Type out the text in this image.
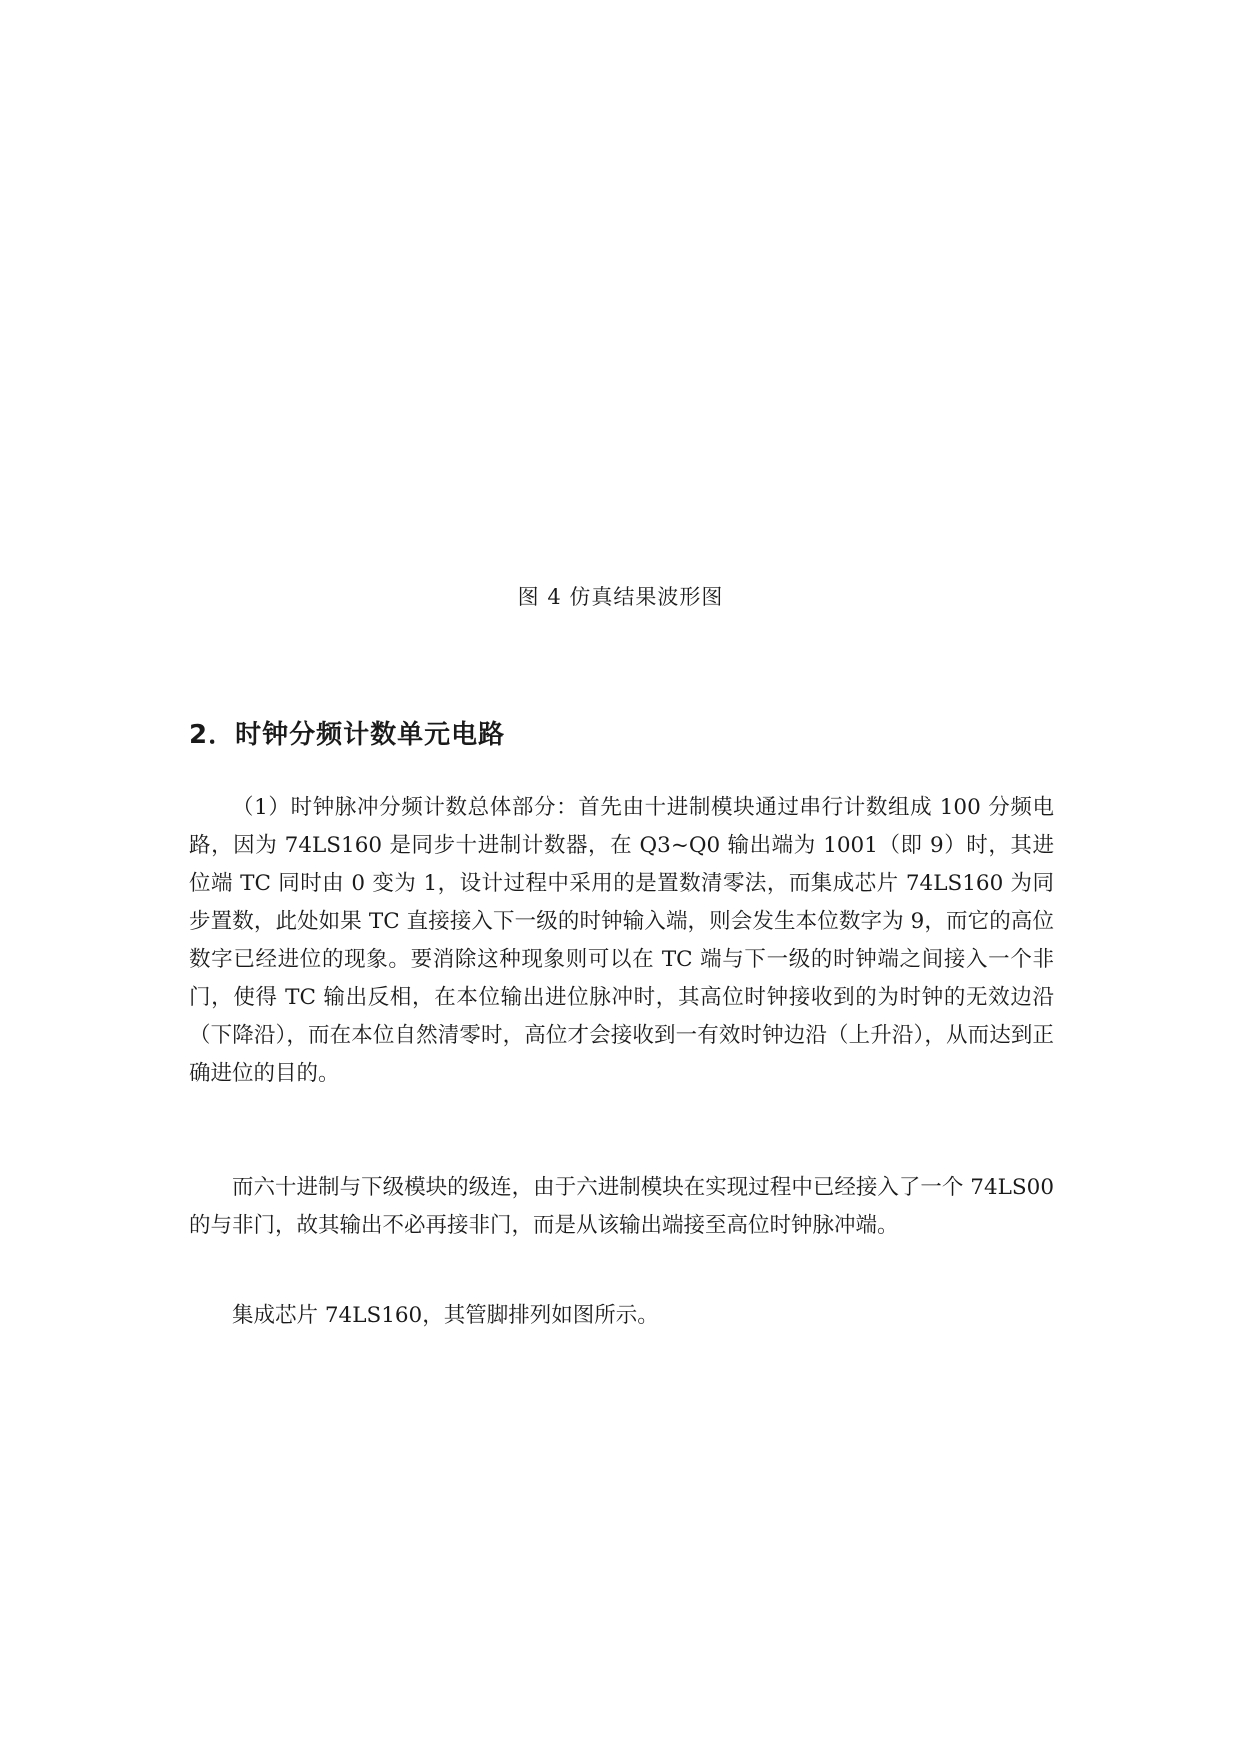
图 4 仿真结果波形图
2．时钟分频计数单元电路

（1）时钟脉冲分频计数总体部分：首先由十进制模块通过串行计数组成 100 分频电路，因为 74LS160 是同步十进制计数器，在 Q3~Q0 输出端为 1001（即 9）时，其进位端 TC 同时由 0 变为 1，设计过程中采用的是置数清零法，而集成芯片 74LS160 为同步置数，此处如果 TC 直接接入下一级的时钟输入端，则会发生本位数字为 9，而它的高位数字已经进位的现象。要消除这种现象则可以在 TC 端与下一级的时钟端之间接入一个非门，使得 TC 输出反相，在本位输出进位脉冲时，其高位时钟接收到的为时钟的无效边沿（下降沿），而在本位自然清零时，高位才会接收到一有效时钟边沿（上升沿），从而达到正确进位的目的。

而六十进制与下级模块的级连，由于六进制模块在实现过程中已经接入了一个 74LS00 的与非门，故其输出不必再接非门，而是从该输出端接至高位时钟脉冲端。

集成芯片 74LS160，其管脚排列如图所示。
